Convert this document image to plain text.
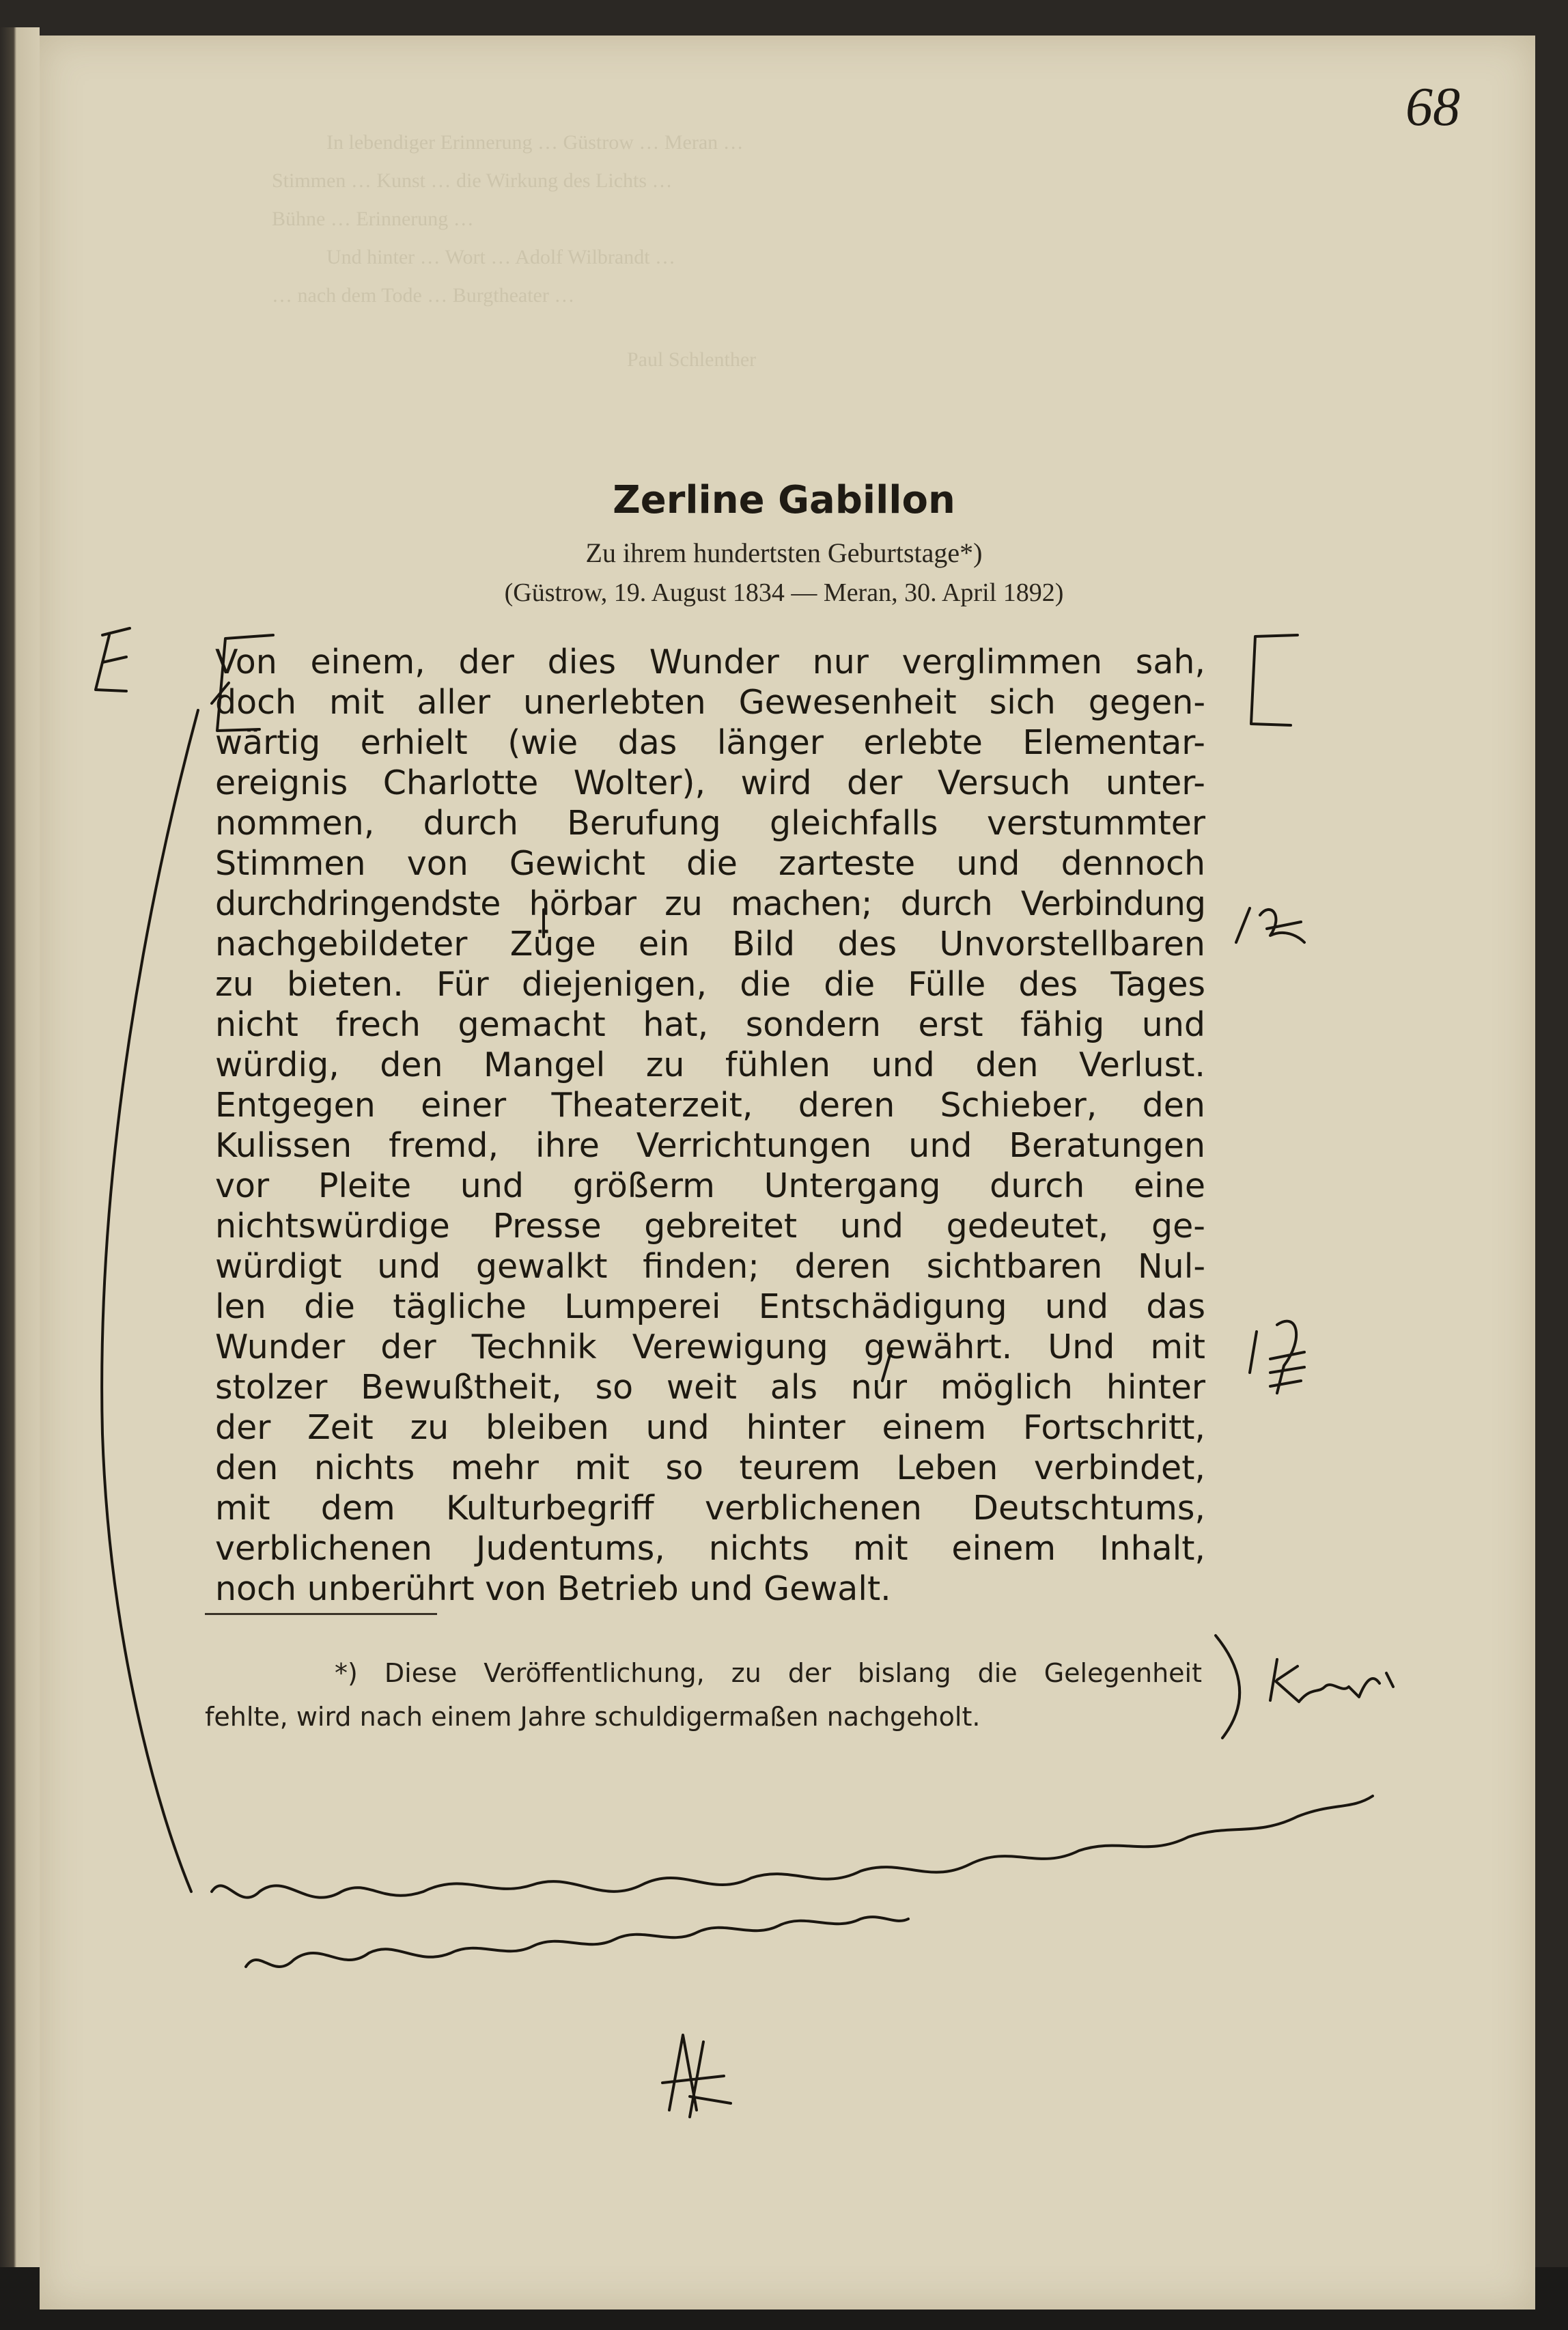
In lebendiger Erinnerung … Güstrow … Meran …
Stimmen … Kunst … die Wirkung des Lichts …
Bühne … Erinnerung …
Und hinter … Wort … Adolf Wilbrandt …
… nach dem Tode … Burgtheater …
Paul Schlenther
68
Zerline Gabillon
Zu ihrem hundertsten Geburtstage*)
(Güstrow, 19. August 1834 — Meran, 30. April 1892)
Von einem, der dies Wunder nur verglimmen sah,
doch mit aller unerlebten Gewesenheit sich gegen-
wärtig erhielt (wie das länger erlebte Elementar-
ereignis Charlotte Wolter), wird der Versuch unter-
nommen, durch Berufung gleichfalls verstummter
Stimmen von Gewicht die zarteste und dennoch
durchdringendste hörbar zu machen; durch Verbindung
nachgebildeter Züge ein Bild des Unvorstellbaren
zu bieten. Für diejenigen, die die Fülle des Tages
nicht frech gemacht hat, sondern erst fähig und
würdig, den Mangel zu fühlen und den Verlust.
Entgegen einer Theaterzeit, deren Schieber, den
Kulissen fremd, ihre Verrichtungen und Beratungen
vor Pleite und größerm Untergang durch eine
nichtswürdige Presse gebreitet und gedeutet, ge-
würdigt und gewalkt finden; deren sichtbaren Nul-
len die tägliche Lumperei Entschädigung und das
Wunder der Technik Verewigung gewährt. Und mit
stolzer Bewußtheit, so weit als nur möglich hinter
der Zeit zu bleiben und hinter einem Fortschritt,
den nichts mehr mit so teurem Leben verbindet,
mit dem Kulturbegriff verblichenen Deutschtums,
verblichenen Judentums, nichts mit einem Inhalt,
noch unberührt von Betrieb und Gewalt.
*) Diese Veröffentlichung, zu der bislang die Gelegenheit
fehlte, wird nach einem Jahre schuldigermaßen nachgeholt.
